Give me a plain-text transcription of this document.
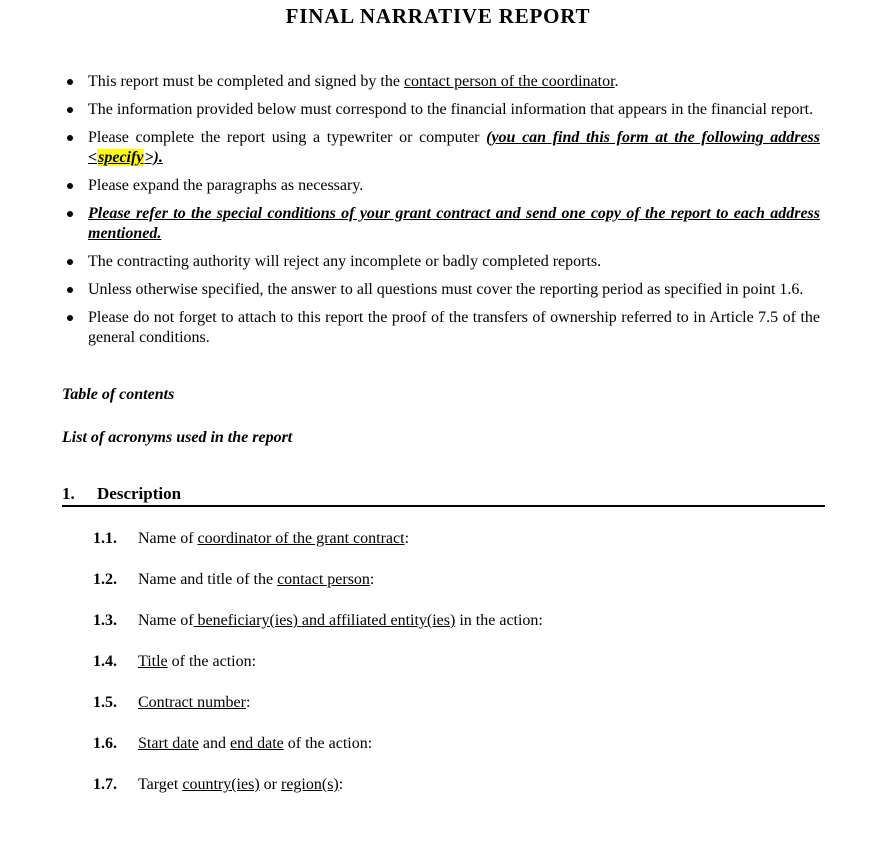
FINAL NARRATIVE REPORT

This report must be completed and signed by the contact person of the coordinator.

The information provided below must correspond to the financial information that appears in the financial report.

Please complete the report using a typewriter or computer (you can find this form at the following address <specify>).

Please expand the paragraphs as necessary.

Please refer to the special conditions of your grant contract and send one copy of the report to each address mentioned.

The contracting authority will reject any incomplete or badly completed reports.

Unless otherwise specified, the answer to all questions must cover the reporting period as specified in point 1.6.

Please do not forget to attach to this report the proof of the transfers of ownership referred to in Article 7.5 of the general conditions.

Table of contents

List of acronyms used in the report

1. Description
1.1. Name of coordinator of the grant contract:

1.2. Name and title of the contact person:

1.3. Name of beneficiary(ies) and affiliated entity(ies) in the action:

1.4. Title of the action:

1.5. Contract number:

1.6. Start date and end date of the action:

1.7. Target country(ies) or region(s):
